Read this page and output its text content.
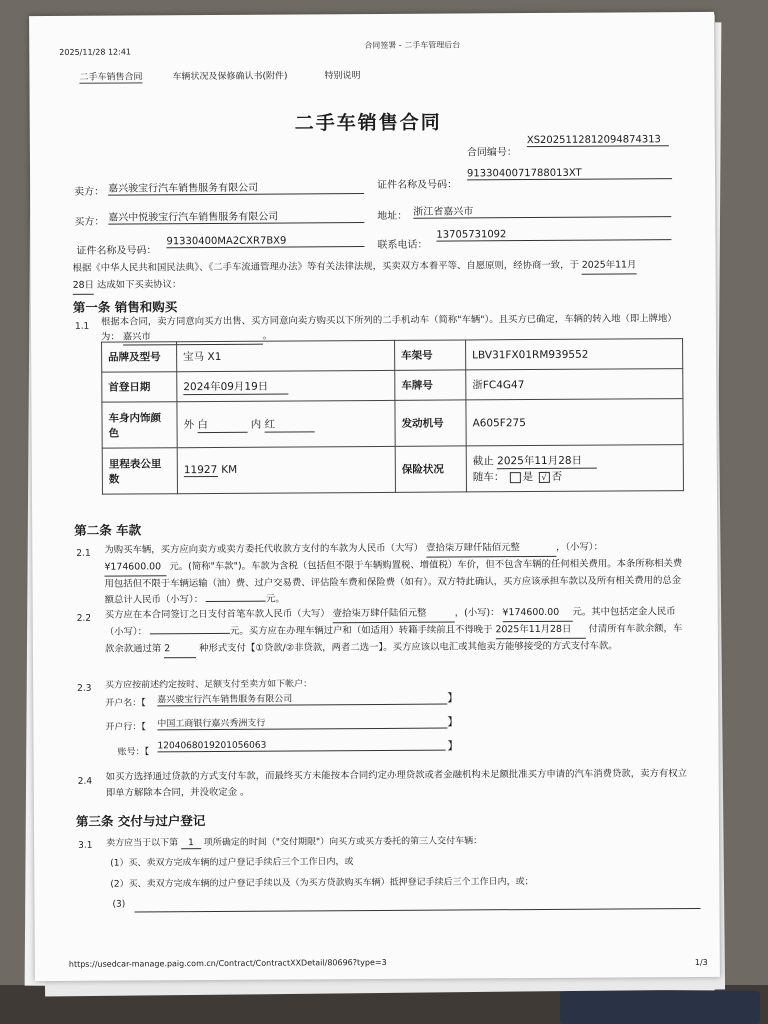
2025/11/28 12:41
合同签署 - 二手车管理后台
二手车销售合同	车辆状况及保修确认书(附件)	特别说明
二手车销售合同
合同编号：
XS2025112812094874313
卖方： 嘉兴骏宝行汽车销售服务有限公司	证件名称及号码：
9133040071788013XT
买方： 嘉兴中悦骏宝行汽车销售服务有限公司	地址： 浙江省嘉兴市
证件名称及号码：
91330400MA2CXR7BX9	联系电话：
13705731092
根据《中华人民共和国民法典》、《二手车流通管理办法》等有关法律法规，买卖双方本着平等、自愿原则，经协商一致，于 2025年11月
28日 达成如下买卖协议：
第一条 销售和购买
1.1 根据本合同，卖方同意向买方出售、买方同意向卖方购买以下所列的二手机动车（简称"车辆"）。且买方已确定，车辆的转入地（即上牌地）为： 嘉兴市	。
品牌及型号	宝马 X1	车架号	LBV31FX01RM939552
首登日期	2024年09月19日	车牌号	浙FC4G47
车身内饰颜
色	外 白 内 红	发动机号	A605F275
里程表公里
数	11927 KM	保险状况	截止 2025年11月28日
随车： 是 √ 否
第二条 车款
2.1 为购买车辆，买方应向卖方或卖方委托代收款方支付的车款为人民币（大写） 壹拾柒万肆仟陆佰元整	，（小写）：
¥174600.00 元。(简称"车款")。车款为含税（包括但不限于车辆购置税、增值税）车价，但不包含车辆的任何相关费用。本条所称相关费用包括但不限于车辆运输（油）费、过户交易费、评估险车费和保险费（如有）。双方特此确认，买方应该承担车款以及所有相关费用的总金额总计人民币（小写）：	元。
2.2 买方应在本合同签订之日支付首笔车款人民币（大写） 壹拾柒万肆仟陆佰元整	，(小写)： ¥174600.00 元。其中包括定金人民币（小写）：	元。买方应在办理车辆过户和（如适用）转籍手续前且不得晚于 2025年11月28日 付清所有车款余额，车款余款通过第 2	种形式支付【①贷款/②非贷款，两者二选一】。买方应该以电汇或其他卖方能够接受的方式支付车款。
2.3 买方应按前述约定按时、足额支付至卖方如下帐户：
开户名：【 嘉兴骏宝行汽车销售服务有限公司	】
开户行：【 中国工商银行嘉兴秀洲支行	】
账号：【
1204068019201056063	】
2.4 如买方选择通过贷款的方式支付车款，而最终买方未能按本合同约定办理贷款或者金融机构未足额批准买方申请的汽车消费贷款，卖方有权立即单方解除本合同，并没收定金 。
第三条 交付与过户登记
3.1 卖方应当于以下第 1 项所确定的时间（"交付期限"）向买方或买方委托的第三人交付车辆：
(1）买、卖双方完成车辆的过户登记手续后三个工作日内，或
(2）买、卖双方完成车辆的过户登记手续以及（为买方贷款购买车辆）抵押登记手续后三个工作日内，或；
(3)
https://usedcar-manage.paig.com.cn/Contract/ContractXXDetail/80696?type=3	1/3
